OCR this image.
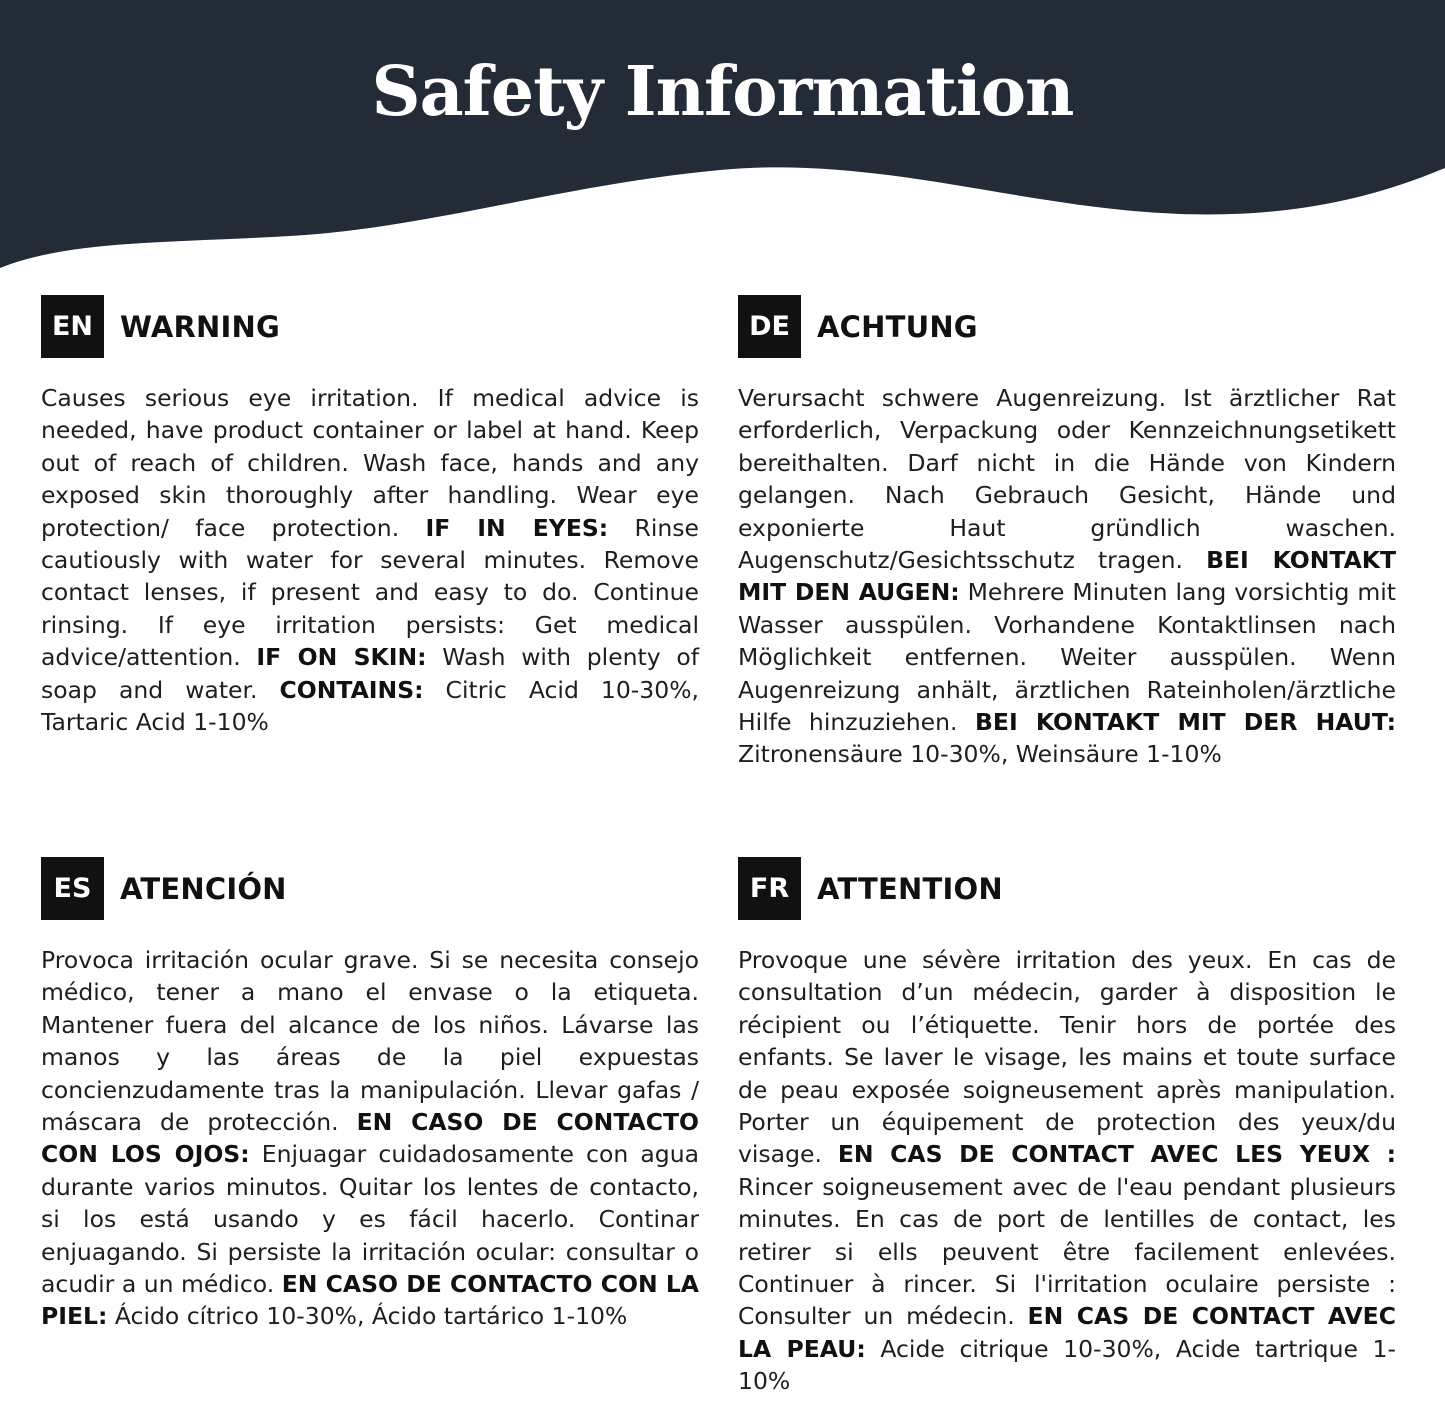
Safety Information
EN WARNING
Causes serious eye irritation. If medical advice is needed, have product container or label at hand. Keep out of reach of children. Wash face, hands and any exposed skin thoroughly after handling. Wear eye protection/ face protection. IF IN EYES: Rinse cautiously with water for several minutes. Remove contact lenses, if present and easy to do. Continue rinsing. If eye irritation persists: Get medical advice/attention. IF ON SKIN: Wash with plenty of soap and water. CONTAINS: Citric Acid 10-30%, Tartaric Acid 1-10%
DE ACHTUNG
Verursacht schwere Augenreizung. Ist ärztlicher Rat erforderlich, Verpackung oder Kennzeichnungsetikett bereithalten. Darf nicht in die Hände von Kindern gelangen. Nach Gebrauch Gesicht, Hände und exponierte Haut gründlich waschen. Augenschutz/Gesichtsschutz tragen. BEI KONTAKT MIT DEN AUGEN: Mehrere Minuten lang vorsichtig mit Wasser ausspülen. Vorhandene Kontaktlinsen nach Möglichkeit entfernen. Weiter ausspülen. Wenn Augenreizung anhält, ärztlichen Rateinholen/ärztliche Hilfe hinzuziehen. BEI KONTAKT MIT DER HAUT: Zitronensäure 10-30%, Weinsäure 1-10%
ES ATENCIÓN
Provoca irritación ocular grave. Si se necesita consejo médico, tener a mano el envase o la etiqueta. Mantener fuera del alcance de los niños. Lávarse las manos y las áreas de la piel expuestas concienzudamente tras la manipulación. Llevar gafas / máscara de protección. EN CASO DE CONTACTO CON LOS OJOS: Enjuagar cuidadosamente con agua durante varios minutos. Quitar los lentes de contacto, si los está usando y es fácil hacerlo. Continar enjuagando. Si persiste la irritación ocular: consultar o acudir a un médico. EN CASO DE CONTACTO CON LA PIEL: Ácido cítrico 10-30%, Ácido tartárico 1-10%
FR ATTENTION
Provoque une sévère irritation des yeux. En cas de consultation d’un médecin, garder à disposition le récipient ou l’étiquette. Tenir hors de portée des enfants. Se laver le visage, les mains et toute surface de peau exposée soigneusement après manipulation. Porter un équipement de protection des yeux/du visage. EN CAS DE CONTACT AVEC LES YEUX : Rincer soigneusement avec de l'eau pendant plusieurs minutes. En cas de port de lentilles de contact, les retirer si ells peuvent être facilement enlevées. Continuer à rincer. Si l'irritation oculaire persiste : Consulter un médecin. EN CAS DE CONTACT AVEC LA PEAU: Acide citrique 10-30%, Acide tartrique 1-10%
